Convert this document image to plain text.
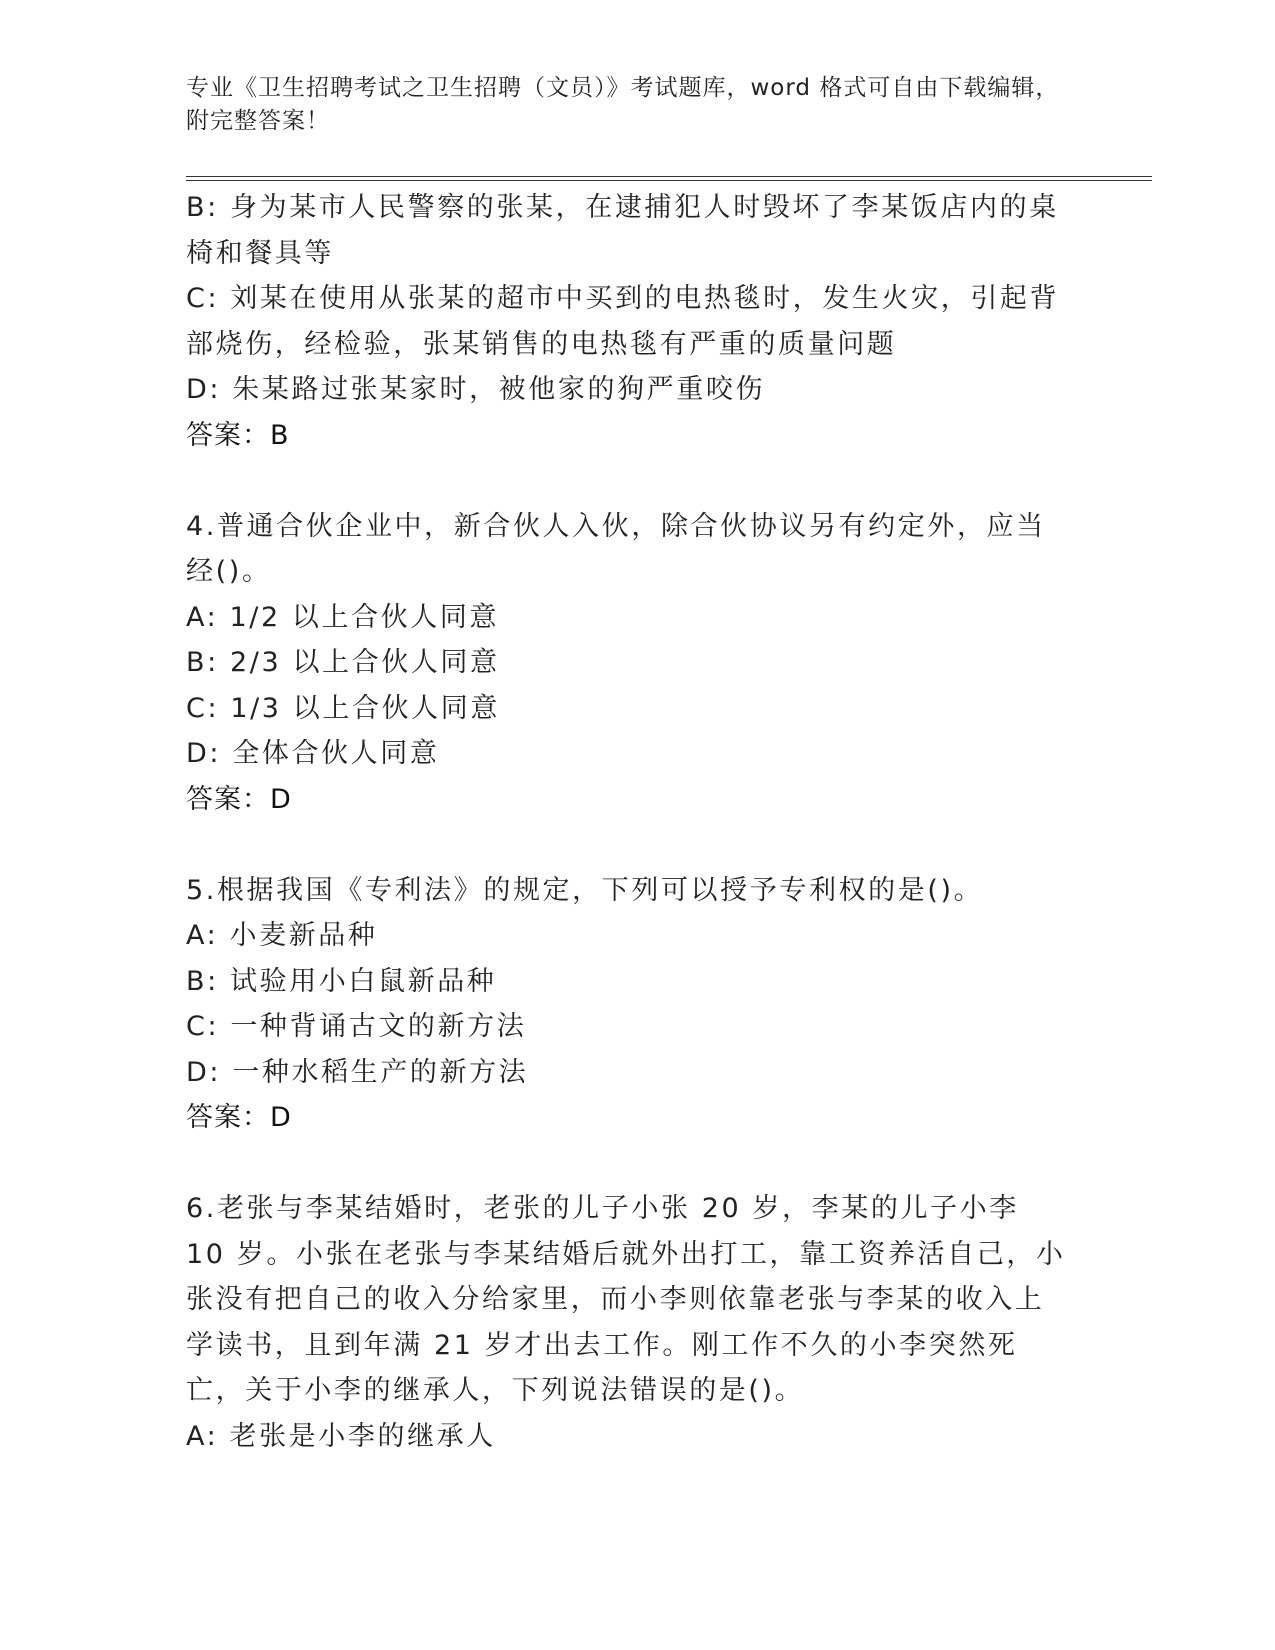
专业《卫生招聘考试之卫生招聘（文员）》考试题库，word 格式可自由下载编辑，附完整答案！
B: 身为某市人民警察的张某，在逮捕犯人时毁坏了李某饭店内的桌椅和餐具等
C: 刘某在使用从张某的超市中买到的电热毯时，发生火灾，引起背部烧伤，经检验，张某销售的电热毯有严重的质量问题
D: 朱某路过张某家时，被他家的狗严重咬伤
答案：B
4.普通合伙企业中，新合伙人入伙，除合伙协议另有约定外，应当经()。
A: 1/2 以上合伙人同意
B: 2/3 以上合伙人同意
C: 1/3 以上合伙人同意
D: 全体合伙人同意
答案：D
5.根据我国《专利法》的规定，下列可以授予专利权的是()。
A: 小麦新品种
B: 试验用小白鼠新品种
C: 一种背诵古文的新方法
D: 一种水稻生产的新方法
答案：D
6.老张与李某结婚时，老张的儿子小张 20 岁，李某的儿子小李 10 岁。小张在老张与李某结婚后就外出打工，靠工资养活自己，小张没有把自己的收入分给家里，而小李则依靠老张与李某的收入上学读书，且到年满 21 岁才出去工作。刚工作不久的小李突然死亡，关于小李的继承人，下列说法错误的是()。
A: 老张是小李的继承人
